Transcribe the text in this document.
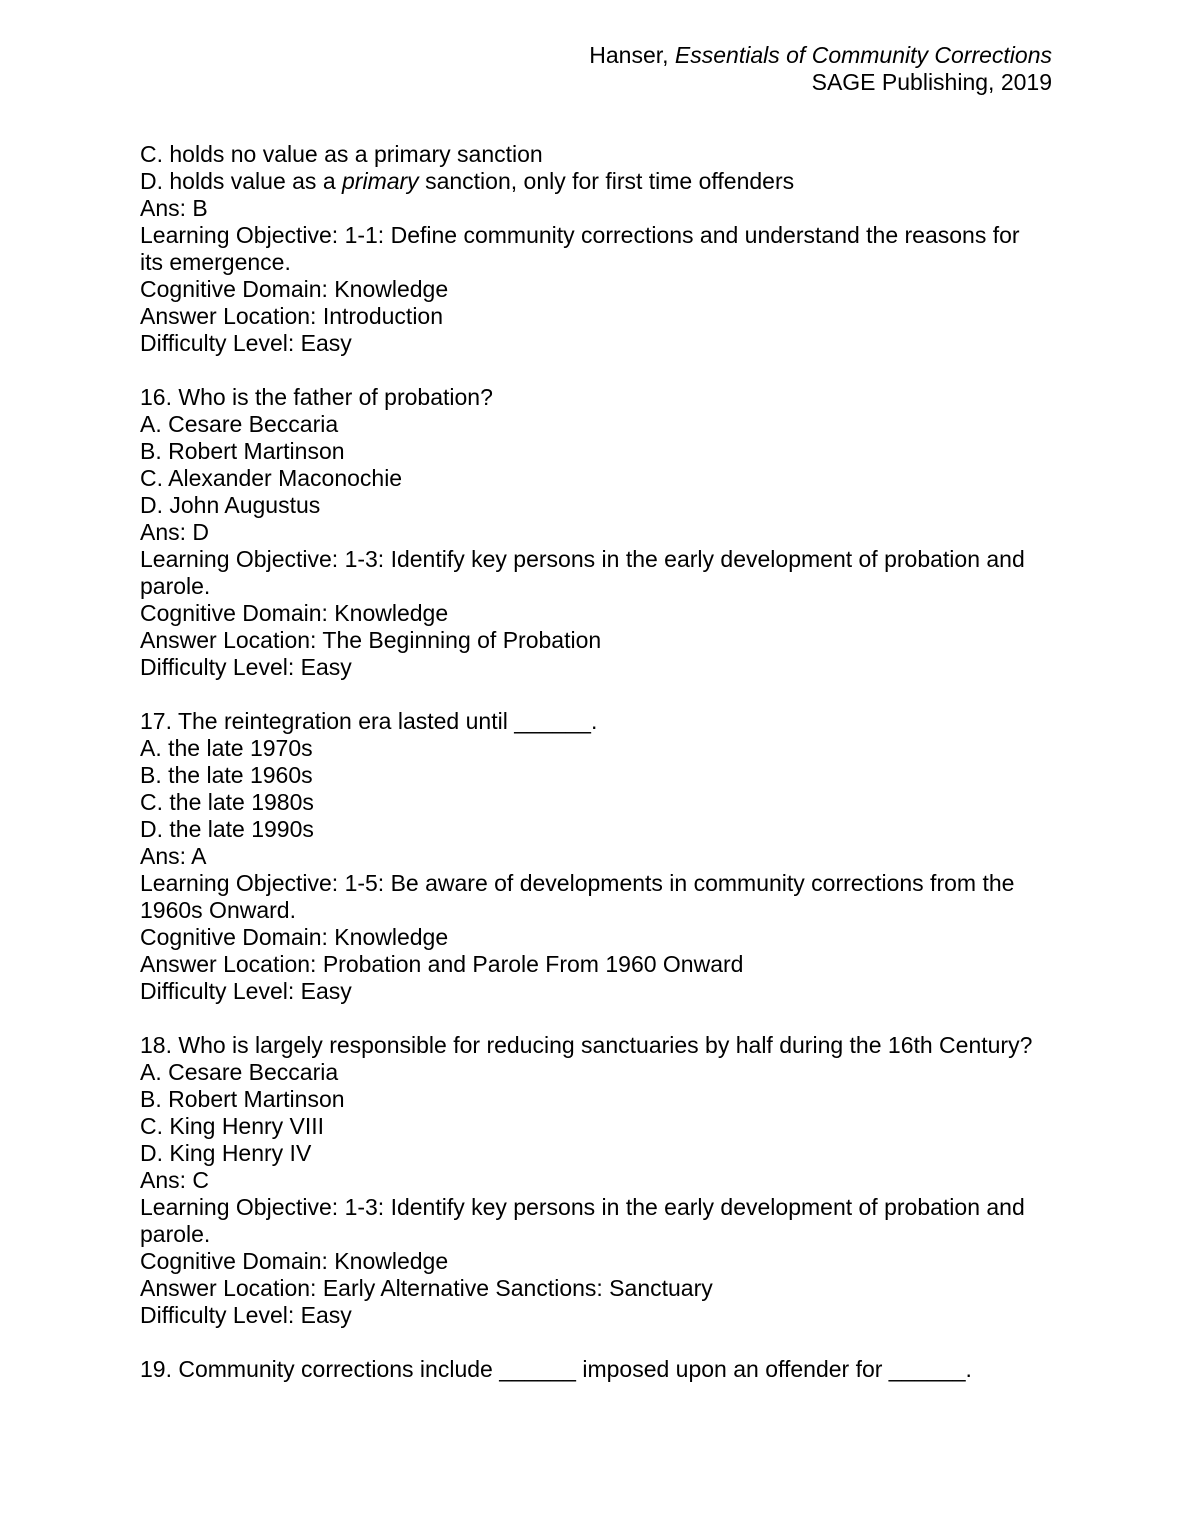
Hanser, Essentials of Community Corrections
SAGE Publishing, 2019
C. holds no value as a primary sanction
D. holds value as a primary sanction, only for first time offenders
Ans: B
Learning Objective: 1-1: Define community corrections and understand the reasons for
its emergence.
Cognitive Domain: Knowledge
Answer Location: Introduction
Difficulty Level: Easy
16. Who is the father of probation?
A. Cesare Beccaria
B. Robert Martinson
C. Alexander Maconochie
D. John Augustus
Ans: D
Learning Objective: 1-3: Identify key persons in the early development of probation and
parole.
Cognitive Domain: Knowledge
Answer Location: The Beginning of Probation
Difficulty Level: Easy
17. The reintegration era lasted until ______.
A. the late 1970s
B. the late 1960s
C. the late 1980s
D. the late 1990s
Ans: A
Learning Objective: 1-5: Be aware of developments in community corrections from the
1960s Onward.
Cognitive Domain: Knowledge
Answer Location: Probation and Parole From 1960 Onward
Difficulty Level: Easy
18. Who is largely responsible for reducing sanctuaries by half during the 16th Century?
A. Cesare Beccaria
B. Robert Martinson
C. King Henry VIII
D. King Henry IV
Ans: C
Learning Objective: 1-3: Identify key persons in the early development of probation and
parole.
Cognitive Domain: Knowledge
Answer Location: Early Alternative Sanctions: Sanctuary
Difficulty Level: Easy
19. Community corrections include ______ imposed upon an offender for ______.
